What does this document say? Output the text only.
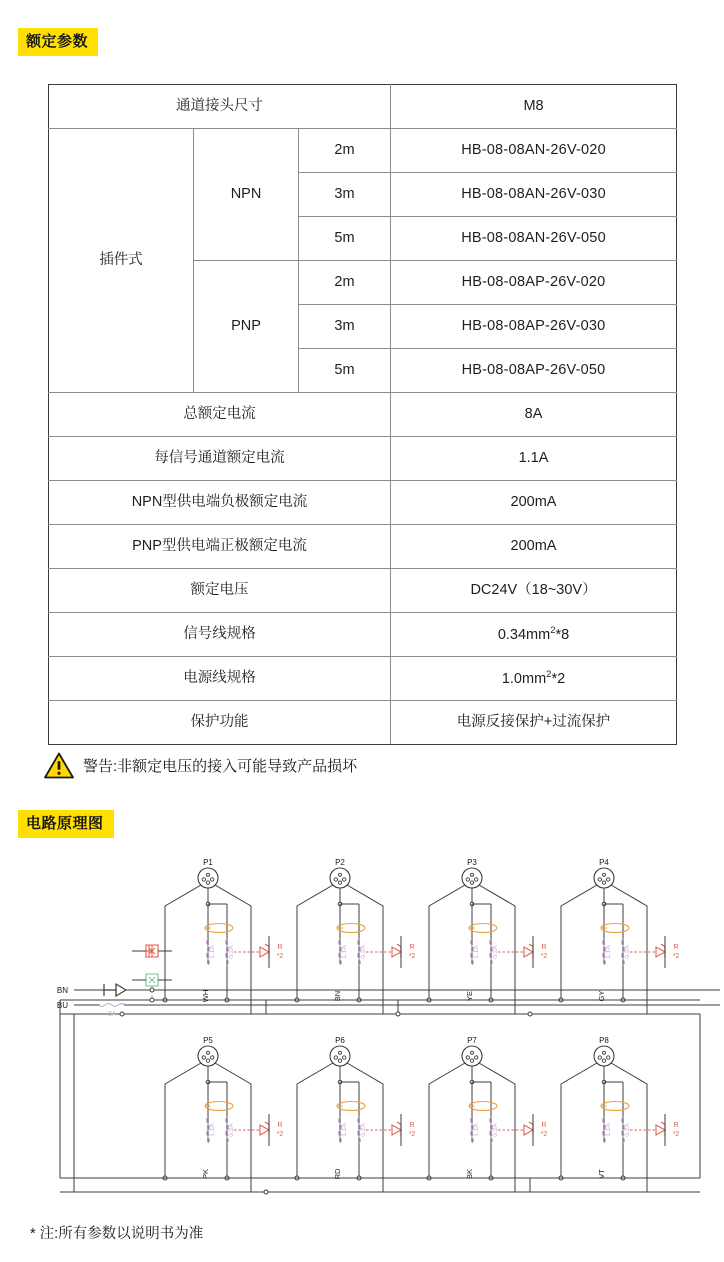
额定参数
通道接头尺寸			M8
插件式	NPN	2m	HB-08-08AN-26V-020
		3m	HB-08-08AN-26V-030
		5m	HB-08-08AN-26V-050
	PNP	2m	HB-08-08AP-26V-020
		3m	HB-08-08AP-26V-030
		5m	HB-08-08AP-26V-050
总额定电流			8A
每信号通道额定电流			1.1A
NPN型供电端负极额定电流			200mA
PNP型供电端正极额定电流			200mA
额定电压			DC24V（18~30V）
信号线规格			$0.34mm^2*8$
电源线规格			$1.0mm^2*2$
保护功能			电源反接保护+过流保护
警告:非额定电压的接入可能导致产品损坏
电路原理图
BN
BU
8A
P1
1.1A 0.2A	R
*2
WH
P2
1.1A 0.2A	R
*2
BN
P3
1.1A 0.2A	R
*2
YE
P4
1.1A 0.2A	R
*2
GY
P5
1.1A 0.2A	R
*2
PK
P6
1.1A 0.2A	R
*2
RD
P7
1.1A 0.2A	R
*2
BK
P8
1.1A 0.2A	R
*2
VT
* 注:所有参数以说明书为准
